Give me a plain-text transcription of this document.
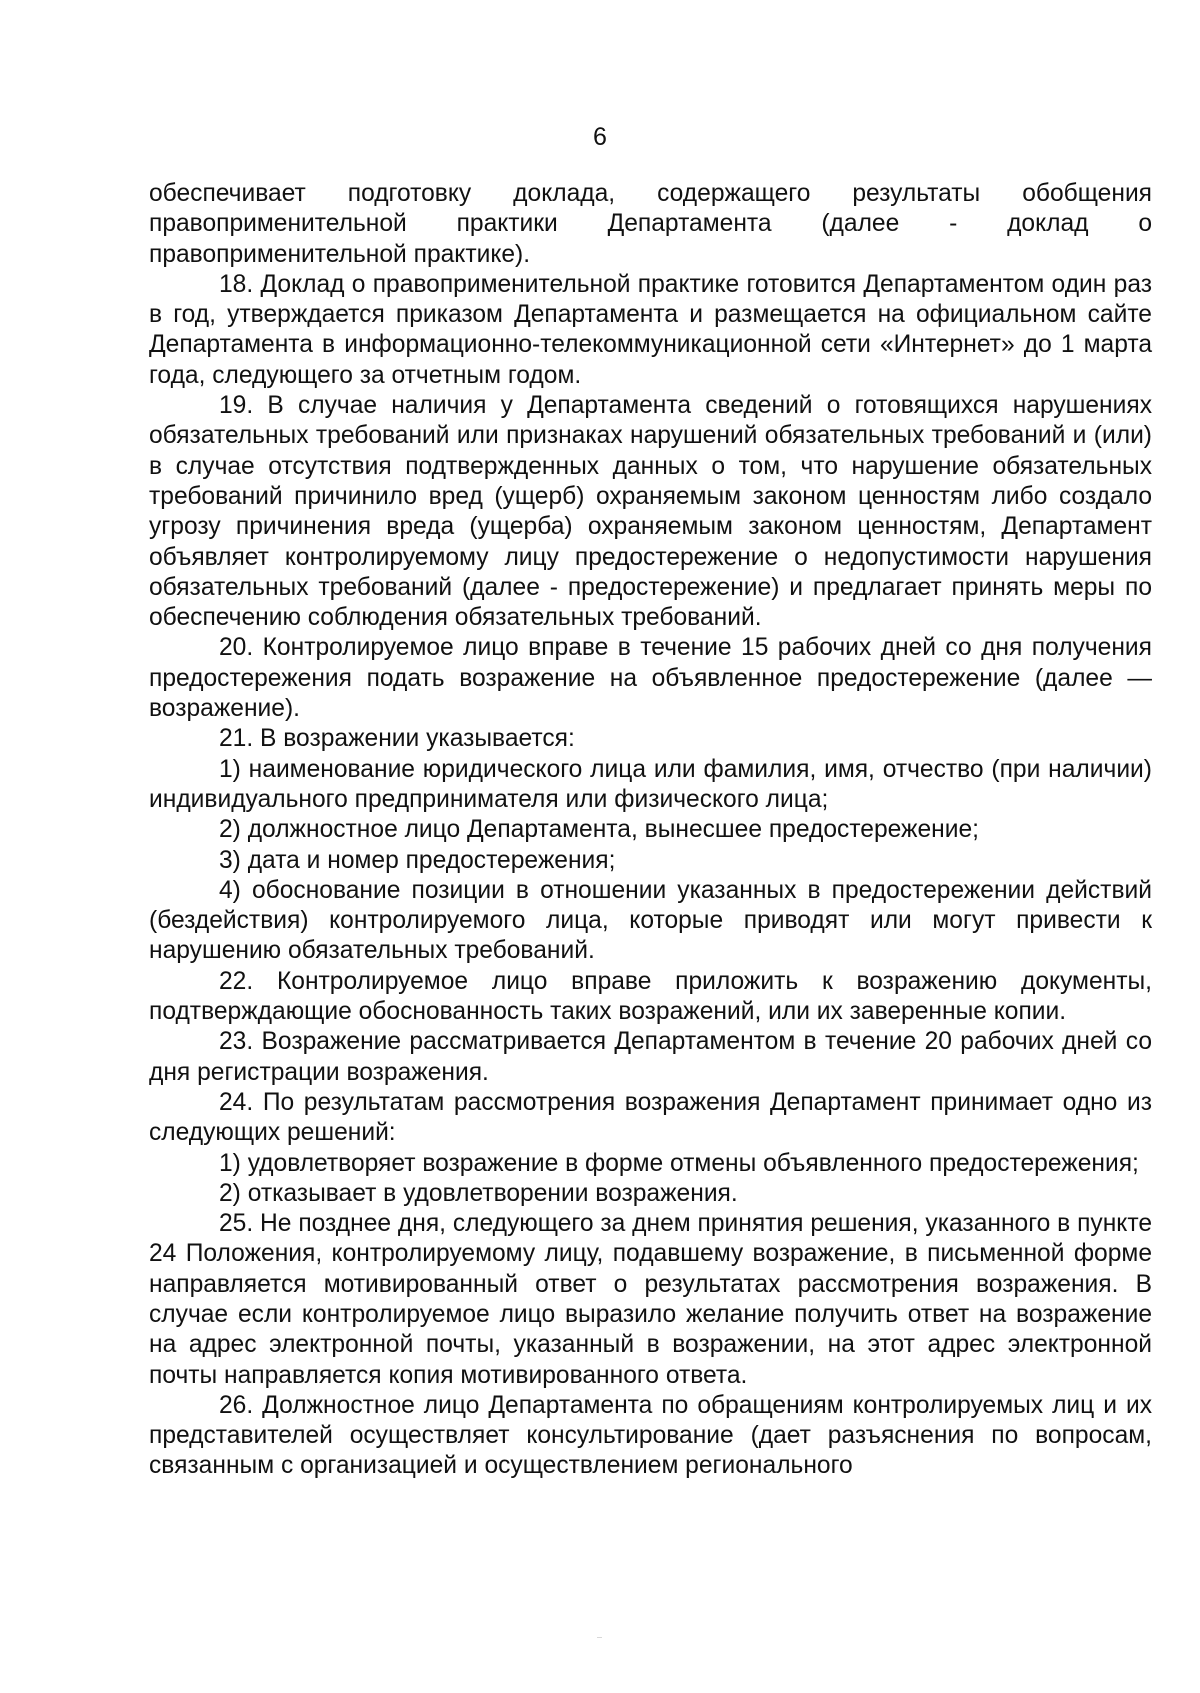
6

обеспечивает подготовку доклада, содержащего результаты обобщения правоприменительной практики Департамента (далее - доклад о правоприменительной практике).

18. Доклад о правоприменительной практике готовится Департаментом один раз в год, утверждается приказом Департамента и размещается на официальном сайте Департамента в информационно-телекоммуникационной сети «Интернет» до 1 марта года, следующего за отчетным годом.

19. В случае наличия у Департамента сведений о готовящихся нарушениях обязательных требований или признаках нарушений обязательных требований и (или) в случае отсутствия подтвержденных данных о том, что нарушение обязательных требований причинило вред (ущерб) охраняемым законом ценностям либо создало угрозу причинения вреда (ущерба) охраняемым законом ценностям, Департамент объявляет контролируемому лицу предостережение о недопустимости нарушения обязательных требований (далее - предостережение) и предлагает принять меры по обеспечению соблюдения обязательных требований.

20. Контролируемое лицо вправе в течение 15 рабочих дней со дня получения предостережения подать возражение на объявленное предостережение (далее — возражение).

21. В возражении указывается:

1) наименование юридического лица или фамилия, имя, отчество (при наличии) индивидуального предпринимателя или физического лица;

2) должностное лицо Департамента, вынесшее предостережение;

3) дата и номер предостережения;

4) обоснование позиции в отношении указанных в предостережении действий (бездействия) контролируемого лица, которые приводят или могут привести к нарушению обязательных требований.

22. Контролируемое лицо вправе приложить к возражению документы, подтверждающие обоснованность таких возражений, или их заверенные копии.

23. Возражение рассматривается Департаментом в течение 20 рабочих дней со дня регистрации возражения.

24. По результатам рассмотрения возражения Департамент принимает одно из следующих решений:

1) удовлетворяет возражение в форме отмены объявленного предостережения;

2) отказывает в удовлетворении возражения.

25. Не позднее дня, следующего за днем принятия решения, указанного в пункте 24 Положения, контролируемому лицу, подавшему возражение, в письменной форме направляется мотивированный ответ о результатах рассмотрения возражения. В случае если контролируемое лицо выразило желание получить ответ на возражение на адрес электронной почты, указанный в возражении, на этот адрес электронной почты направляется копия мотивированного ответа.

26. Должностное лицо Департамента по обращениям контролируемых лиц и их представителей осуществляет консультирование (дает разъяснения по вопросам, связанным с организацией и осуществлением регионального
